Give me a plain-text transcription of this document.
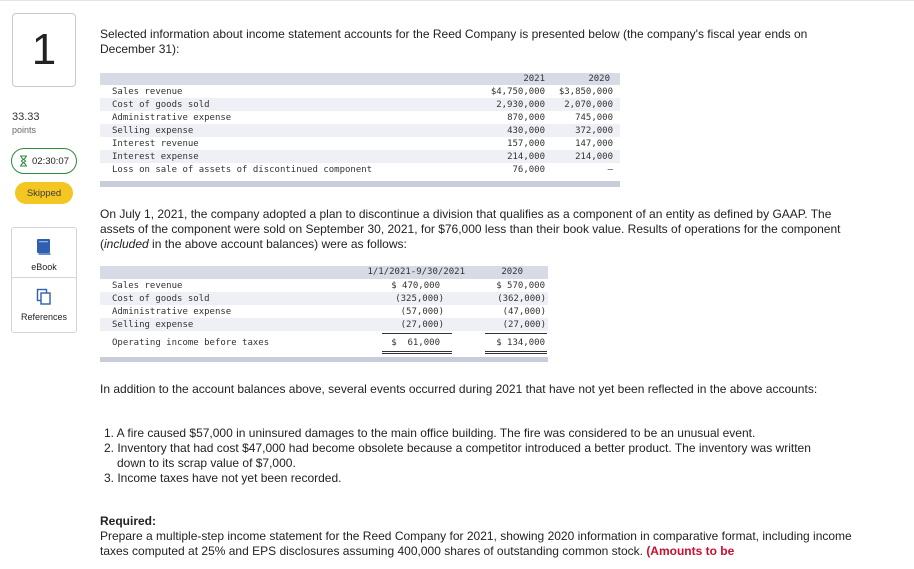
1
33.33
points
02:30:07
Skipped
eBook
References
Selected information about income statement accounts for the Reed Company is presented below (the company's fiscal year ends on December 31):
2021	2020
Sales revenue	$4,750,000	$3,850,000
Cost of goods sold	2,930,000	2,070,000
Administrative expense	870,000	745,000
Selling expense	430,000	372,000
Interest revenue	157,000	147,000
Interest expense	214,000	214,000
Loss on sale of assets of discontinued component	76,000	–
On July 1, 2021, the company adopted a plan to discontinue a division that qualifies as a component of an entity as defined by GAAP. The assets of the component were sold on September 30, 2021, for $76,000 less than their book value. Results of operations for the component (included in the above account balances) were as follows:
1/1/2021-9/30/2021	2020
Sales revenue	$ 470,000	$ 570,000
Cost of goods sold	(325,000)	(362,000)
Administrative expense	(57,000)	(47,000)
Selling expense	(27,000)	(27,000)
Operating income before taxes	$  61,000	$ 134,000
In addition to the account balances above, several events occurred during 2021 that have not yet been reflected in the above accounts:
1. A fire caused $57,000 in uninsured damages to the main office building. The fire was considered to be an unusual event.
2. Inventory that had cost $47,000 had become obsolete because a competitor introduced a better product. The inventory was written
down to its scrap value of $7,000.
3. Income taxes have not yet been recorded.
Required:
Prepare a multiple-step income statement for the Reed Company for 2021, showing 2020 information in comparative format, including income taxes computed at 25% and EPS disclosures assuming 400,000 shares of outstanding common stock. (Amounts to be
